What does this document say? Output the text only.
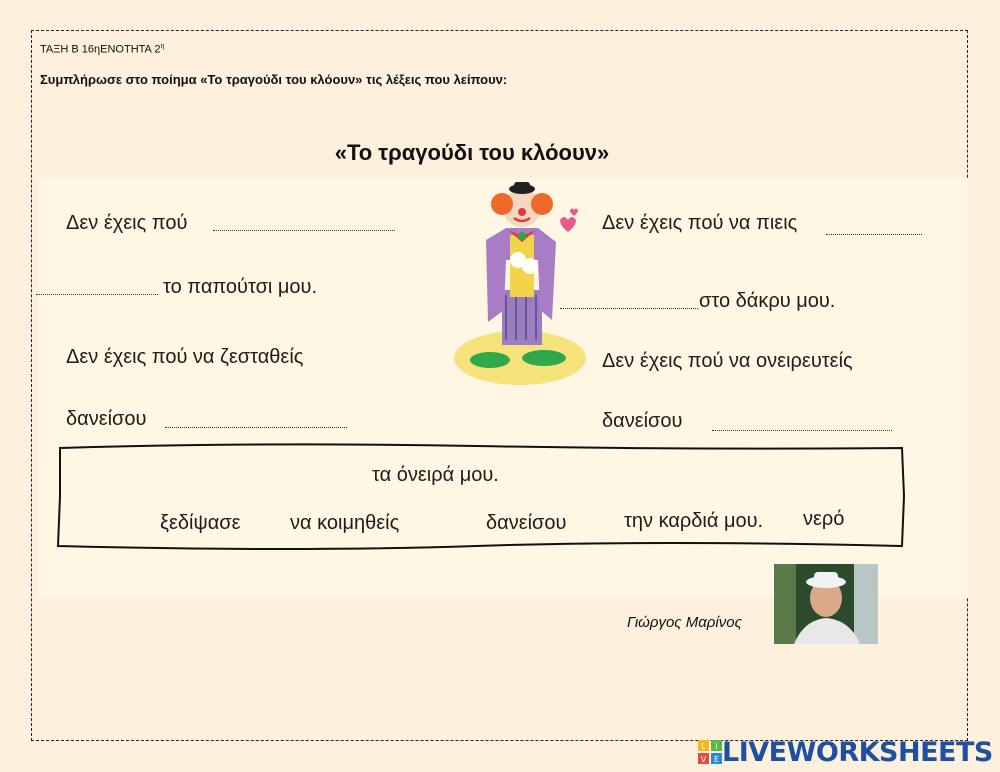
ΤΑΞΗ Β 16ηΕΝΟΤΗΤΑ $2^\eta$
Συμπλήρωσε στο ποίημα «Το τραγούδι του κλόουν» τις λέξεις που λείπουν:
«Το τραγούδι του κλόουν»
Δεν έχεις πού
το παπούτσι μου.
Δεν έχεις πού να ζεσταθείς
δανείσου
Δεν έχεις πού να πιεις
στο δάκρυ μου.
Δεν έχεις πού να ονειρευτείς
δανείσου
τα όνειρά μου.
ξεδίψασε να κοιμηθείς	δανείσου	την καρδιά μου. νερό
Γιώργος Μαρίνος
L I
V E LIVEWORKSHEETS
